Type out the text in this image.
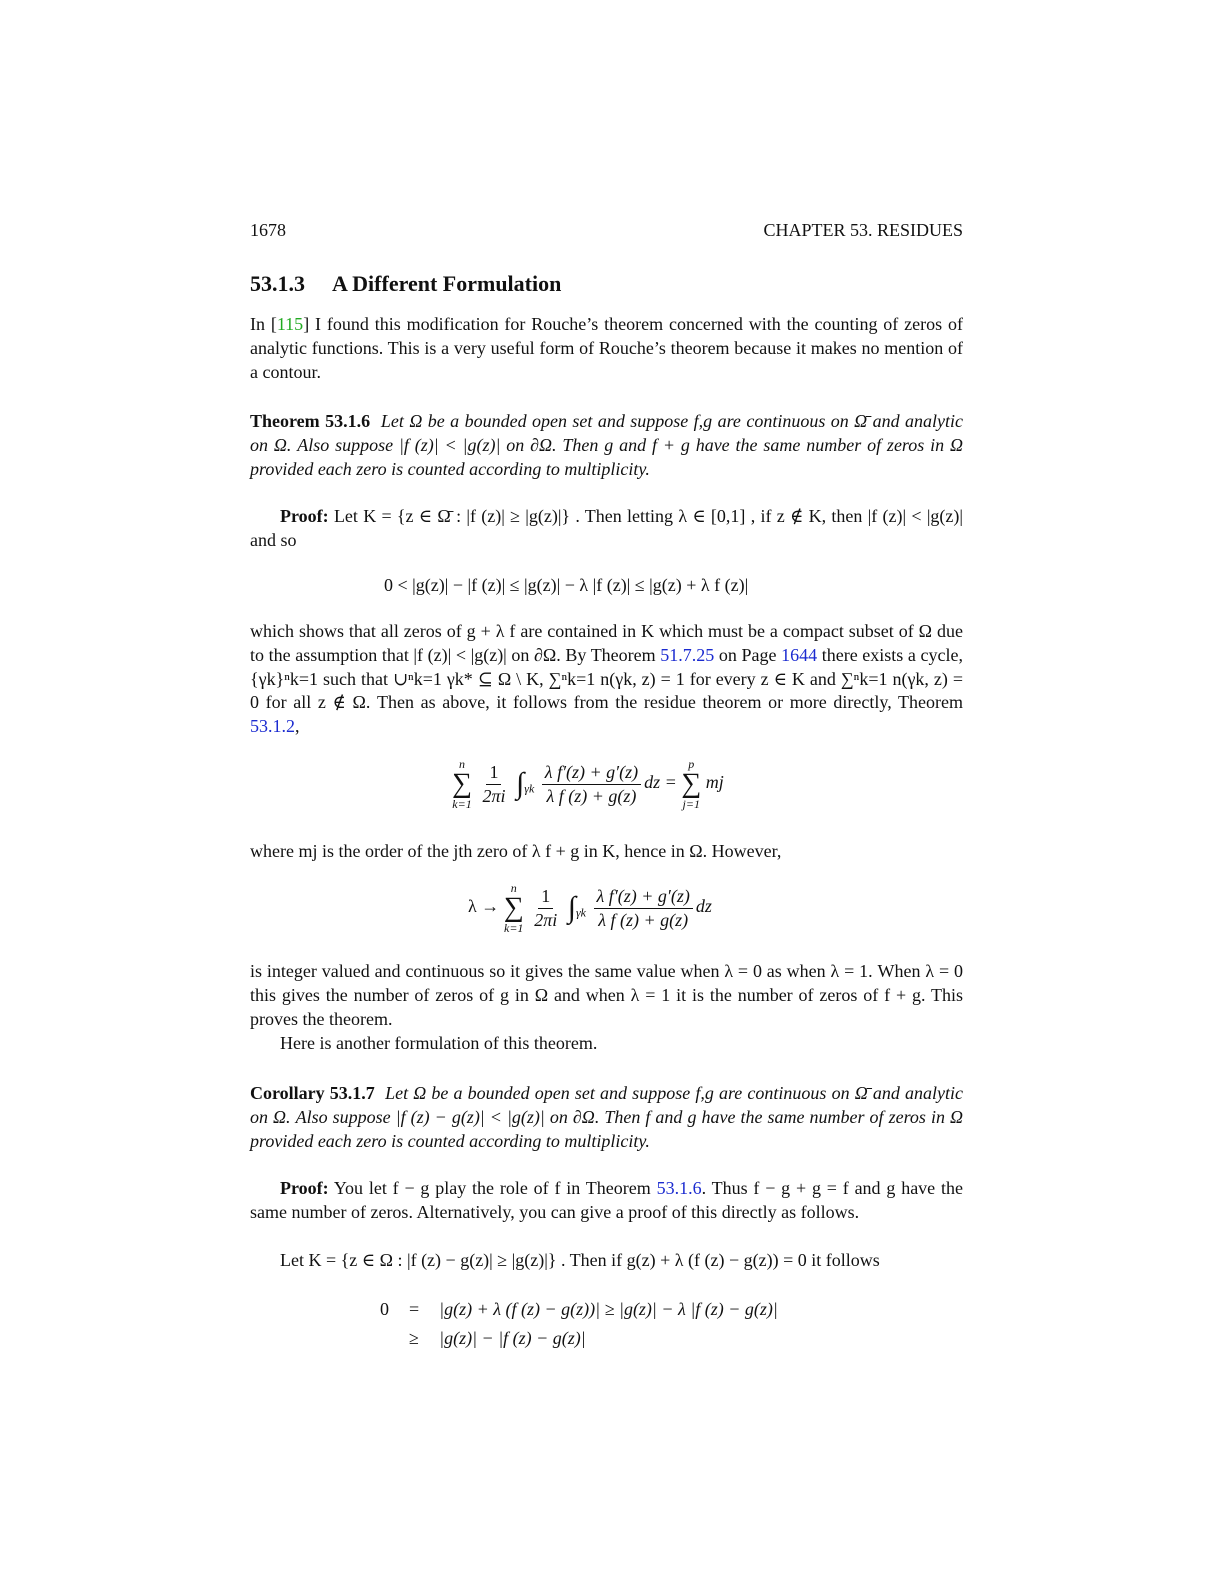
1678	CHAPTER 53. RESIDUES
53.1.3 A Different Formulation
In [115] I found this modification for Rouche’s theorem concerned with the counting of zeros of analytic functions. This is a very useful form of Rouche’s theorem because it makes no mention of a contour.
Theorem 53.1.6 Let Ω be a bounded open set and suppose f,g are continuous on Ω̄ and analytic on Ω. Also suppose |f (z)| < |g(z)| on ∂Ω. Then g and f + g have the same number of zeros in Ω provided each zero is counted according to multiplicity.
Proof: Let K = {z ∈ Ω̄ : |f (z)| ≥ |g(z)|} . Then letting λ ∈ [0,1] , if z ∉ K, then |f (z)| < |g(z)| and so
0 < |g(z)| − |f (z)| ≤ |g(z)| − λ |f (z)| ≤ |g(z) + λ f (z)|
which shows that all zeros of g + λ f are contained in K which must be a compact subset of Ω due to the assumption that |f (z)| < |g(z)| on ∂Ω. By Theorem 51.7.25 on Page 1644 there exists a cycle, {γk}ⁿk=1 such that ∪ⁿk=1 γk* ⊆ Ω \ K, ∑ⁿk=1 n(γk, z) = 1 for every z ∈ K and ∑ⁿk=1 n(γk, z) = 0 for all z ∉ Ω. Then as above, it follows from the residue theorem or more directly, Theorem 53.1.2,
n
∑
k=1
$\frac{1}{2\pi i} \int_{\gamma k} \frac{\text{λ f′(z) + g′(z)}}{\text{λ f (z) + g(z)}}$ dz =
p
∑
j=1
mj
where mj is the order of the jth zero of λ f + g in K, hence in Ω. However,
λ →
n
∑
k=1
$\frac{1}{2\pi i} \int_{\gamma k} \frac{\text{λ f′(z) + g′(z)}}{\text{λ f (z) + g(z)}}$ dz
is integer valued and continuous so it gives the same value when λ = 0 as when λ = 1. When λ = 0 this gives the number of zeros of g in Ω and when λ = 1 it is the number of zeros of f + g. This proves the theorem.
Here is another formulation of this theorem.
Corollary 53.1.7 Let Ω be a bounded open set and suppose f,g are continuous on Ω̄ and analytic on Ω. Also suppose |f (z) − g(z)| < |g(z)| on ∂Ω. Then f and g have the same number of zeros in Ω provided each zero is counted according to multiplicity.
Proof: You let f − g play the role of f in Theorem 53.1.6. Thus f − g + g = f and g have the same number of zeros. Alternatively, you can give a proof of this directly as follows.
Let K = {z ∈ Ω : |f (z) − g(z)| ≥ |g(z)|} . Then if g(z) + λ (f (z) − g(z)) = 0 it follows
0	=	|g(z) + λ (f (z) − g(z))| ≥ |g(z)| − λ |f (z) − g(z)|
	≥	|g(z)| − |f (z) − g(z)|
